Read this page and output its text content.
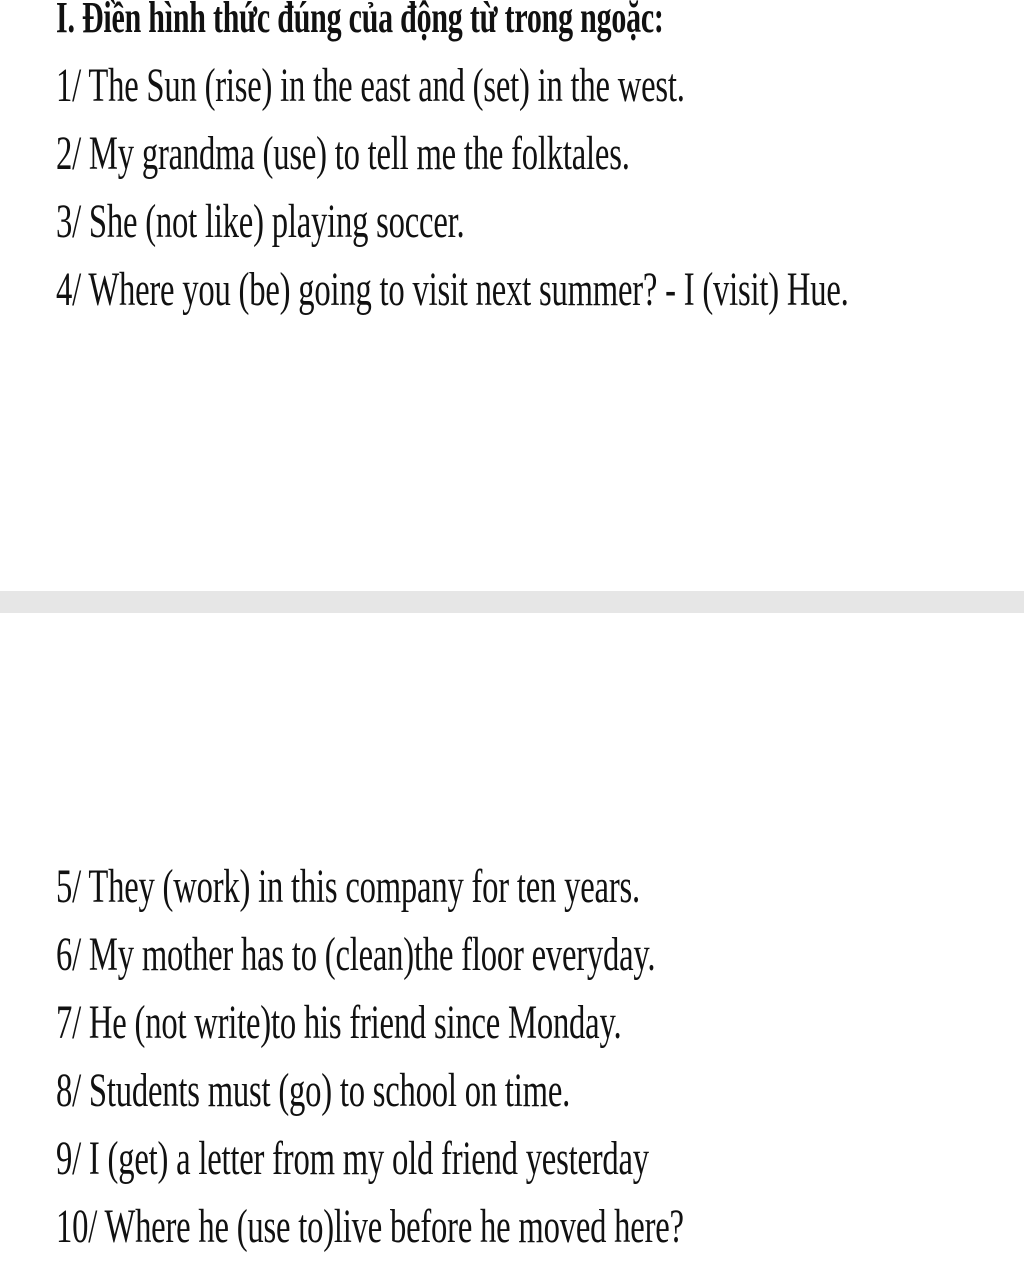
I. Điền hình thức đúng của động từ trong ngoặc:
1/ The Sun (rise) in the east and (set) in the west.
2/ My grandma (use) to tell me the folktales.
3/ She (not like) playing soccer.
4/ Where you (be) going to visit next summer? - I (visit) Hue.
5/ They (work) in this company for ten years.
6/ My mother has to (clean)the floor everyday.
7/ He (not write)to his friend since Monday.
8/ Students must (go) to school on time.
9/ I (get) a letter from my old friend yesterday
10/ Where he (use to)live before he moved here?
